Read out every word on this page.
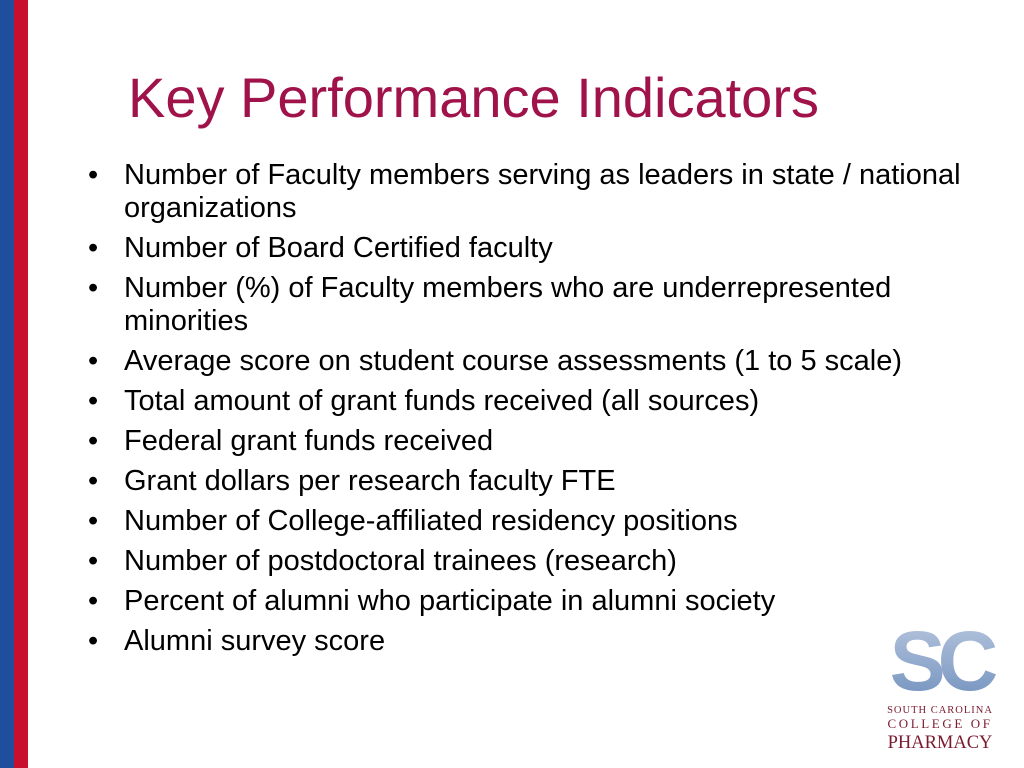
Key Performance Indicators
• Number of Faculty members serving as leaders in state / national organizations
• Number of Board Certified faculty
• Number (%) of Faculty members who are underrepresented minorities
• Average score on student course assessments (1 to 5 scale)
• Total amount of grant funds received (all sources)
• Federal grant funds received
• Grant dollars per research faculty FTE
• Number of College-affiliated residency positions
• Number of postdoctoral trainees (research)
• Percent of alumni who participate in alumni society
• Alumni survey score	SC
SOUTH CAROLINA
COLLEGE OF
PHARMACY
